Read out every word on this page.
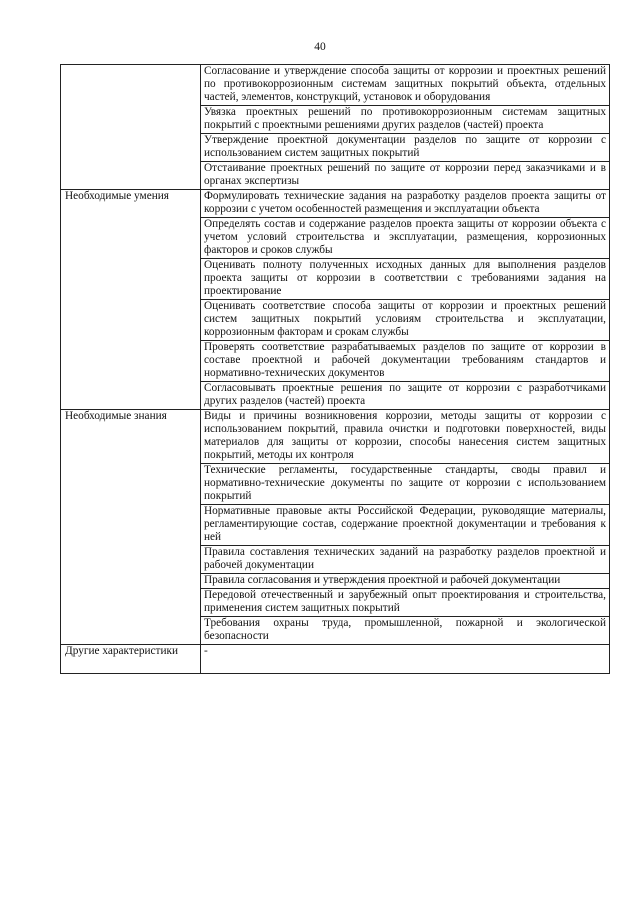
40
	Согласование и утверждение способа защиты от коррозии и проектных решений по противокоррозионным системам защитных покрытий объекта, отдельных частей, элементов, конструкций, установок и оборудования
	Увязка проектных решений по противокоррозионным системам защитных покрытий с проектными решениями других разделов (частей) проекта
	Утверждение проектной документации разделов по защите от коррозии с использованием систем защитных покрытий
	Отстаивание проектных решений по защите от коррозии перед заказчиками и в органах экспертизы
Необходимые умения	Формулировать технические задания на разработку разделов проекта защиты от коррозии с учетом особенностей размещения и эксплуатации объекта
	Определять состав и содержание разделов проекта защиты от коррозии объекта с учетом условий строительства и эксплуатации, размещения, коррозионных факторов и сроков службы
	Оценивать полноту полученных исходных данных для выполнения разделов проекта защиты от коррозии в соответствии с требованиями задания на проектирование
	Оценивать соответствие способа защиты от коррозии и проектных решений систем защитных покрытий условиям строительства и эксплуатации, коррозионным факторам и срокам службы
	Проверять соответствие разрабатываемых разделов по защите от коррозии в составе проектной и рабочей документации требованиям стандартов и нормативно-технических документов
	Согласовывать проектные решения по защите от коррозии с разработчиками других разделов (частей) проекта
Необходимые знания	Виды и причины возникновения коррозии, методы защиты от коррозии с использованием покрытий, правила очистки и подготовки поверхностей, виды материалов для защиты от коррозии, способы нанесения систем защитных покрытий, методы их контроля
	Технические регламенты, государственные стандарты, своды правил и нормативно-технические документы по защите от коррозии с использованием покрытий
	Нормативные правовые акты Российской Федерации, руководящие материалы, регламентирующие состав, содержание проектной документации и требования к ней
	Правила составления технических заданий на разработку разделов проектной и рабочей документации
	Правила согласования и утверждения проектной и рабочей документации
	Передовой отечественный и зарубежный опыт проектирования и строительства, применения систем защитных покрытий
	Требования охраны труда, промышленной, пожарной и экологической безопасности
Другие характеристики	-
